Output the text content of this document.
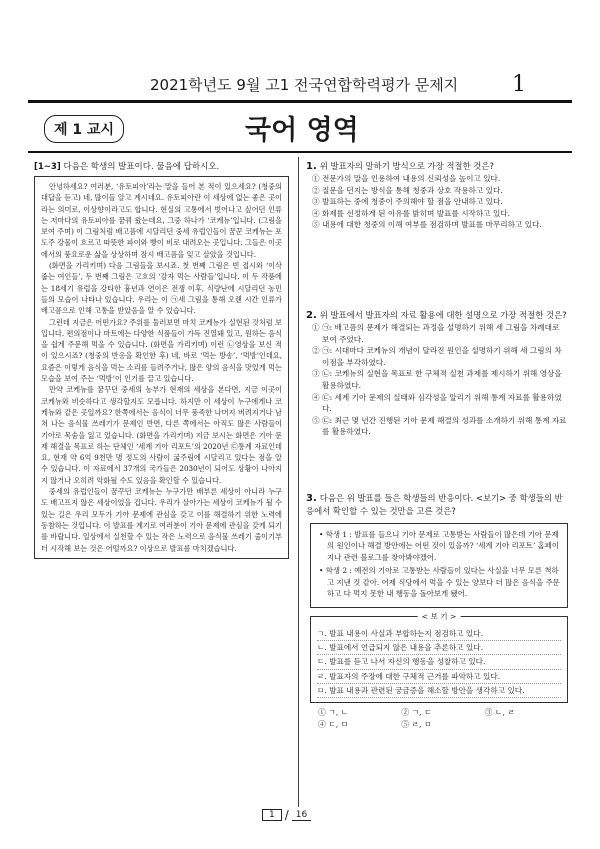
2021학년도 9월 고1 전국연합학력평가 문제지 1
제 1 교시	국어 영역
[1~3] 다음은 학생의 발표이다. 물음에 답하시오.

안녕하세요? 여러분, ‘유토피아’라는 말을 들어 본 적이 있으세요? (청중의 대답을 듣고) 네, 많이들 알고 계시네요. 유토피아란 이 세상에 없는 좋은 곳이라는 의미로, 이상향이라고도 합니다. 현실의 고통에서 벗어나고 싶어던 인류는 저마다의 유토피아를 꿈꿔 왔는데요, 그중 하나가 ‘코케뉴’입니다. (그림을 보여 주며) 이 그림처럼 배고픔에 시달리던 중세 유럽인들이 꿈꾼 코케뉴는 포도주 강물이 흐르고 따뜻한 파이와 빵이 비로 내려오는 곳입니다. 그들은 이곳에서의 풍요로운 삶을 상상하며 잠시 배고픔을 잊고 살았을 것입니다.

(화면을 가리키며) 다음 그림들을 보시죠. 첫 번째 그림은 빈 접시와 ‘이삭 줍는 여인들’, 두 번째 그림은 고흐의 ‘감자 먹는 사람들’입니다. 이 두 작품에는 18세기 유럽을 강타한 흉년과 연이은 전쟁 이후, 식량난에 시달리던 농민들의 모습이 나타나 있습니다. 우리는 이 ㉠세 그림을 통해 오랜 시간 인류가 배고픔으로 인해 고통을 받았음을 알 수 있습니다.

그런데 지금은 어떤가요? 주위를 둘러보면 마치 코케뉴가 실현된 것처럼 보입니다. 편의점이나 마트에는 다양한 식품들이 가득 진열돼 있고, 원하는 음식을 쉽게 주문해 먹을 수 있습니다. (화면을 가리키며) 이런 ㉡영상을 보신 적이 있으시죠? (청중의 반응을 확인한 후) 네, 바로 ‘먹는 방송’, ‘먹방’인데요, 요즘은 이렇게 음식을 먹는 소리를 들려주거나, 많은 양의 음식을 맛있게 먹는 모습을 보여 주는 ‘먹방’이 인기를 끌고 있습니다.

만약 코케뉴를 꿈꾸던 중세의 농부가 현재의 세상을 본다면, 지금 이곳이 코케뉴와 비슷하다고 생각할지도 모릅니다. 하지만 이 세상이 누구에게나 코케뉴와 같은 곳일까요? 한쪽에서는 음식이 너무 풍족한 나머지 버려지거나 남쳐 나는 음식물 쓰레기가 문제인 반면, 다른 쪽에서는 아직도 많은 사람들이 기아로 목숨을 잃고 있습니다. (화면을 가리키며) 지금 보시는 화면은 기아 문제 해결을 목표로 하는 단체인 ‘세계 기아 리포트’의 2020년 ㉢통계 자료인데요, 현재 약 6억 9천만 명 정도의 사람이 굶주림에 시달리고 있다는 점을 알 수 있습니다. 이 자료에서 37개의 국가들은 2030년이 되어도 상황이 나아지지 않거나 오히려 악화될 수도 있음을 확인할 수 있습니다.

중세의 유럽인들이 꿈꾸던 코케뉴는 누구가만 배부른 세상이 아니라 누구도 배고프지 않은 세상이었을 겁니다. 우리가 살아가는 세상이 코케뉴가 될 수 있는 길은 우리 모두가 기아 문제에 관심을 갖고 이를 해결하기 위한 노력에 동참하는 것입니다. 이 발표를 계기로 여러분이 기아 문제에 관심을 갖게 되기를 바랍니다. 일상에서 실천할 수 있는 작은 노력으로 음식물 쓰레기 줄이기부터 시작해 보는 것은 어떨까요? 이상으로 발표를 마치겠습니다.

1. 위 발표자의 말하기 방식으로 가장 적절한 것은?
① 전문가의 말을 인용하여 내용의 신뢰성을 높이고 있다.
② 질문을 던지는 방식을 통해 청중과 상호 작용하고 있다.
③ 발표하는 중에 청중이 주의해야 할 점을 안내하고 있다.
④ 화제를 선정하게 된 이유를 밝히며 발표를 시작하고 있다.
⑤ 내용에 대한 청중의 이해 여부를 점검하며 발표를 마무리하고 있다.
2. 위 발표에서 발표자의 자료 활용에 대한 설명으로 가장 적절한 것은?
① ㉠: 배고픔의 문제가 해결되는 과정을 설명하기 위해 세 그림을 차례대로 보여 주었다.
② ㉠: 시대마다 코케뉴의 개념이 달라진 원인을 설명하기 위해 세 그림의 차이점을 부각하였다.
③ ㉡: 코케뉴의 실현을 목표로 한 구체적 실천 과제를 제시하기 위해 영상을 활용하였다.
④ ㉢: 세계 기아 문제의 실태와 심각성을 알리기 위해 통계 자료를 활용하였다.
⑤ ㉢: 최근 몇 년간 진행된 기아 문제 해결의 성과를 소개하기 위해 통계 자료를 활용하였다.
3. 다음은 위 발표를 들은 학생들의 반응이다. <보기> 중 학생들의 반응에서 확인할 수 있는 것만을 고른 것은?

• 학생 1 : 발표를 들으니 기아 문제로 고통받는 사람들이 많은데 기아 문제의 원인이나 해결 방안에는 어떤 것이 있을까? ‘세계 기아 리포트’ 홈페이지나 관련 블로그를 찾아봐야겠어.

• 학생 2 : 예전의 기아로 고통받는 사람들이 있다는 사실을 너무 모른 척하고 지낸 것 같아. 어제 식당에서 먹을 수 있는 양보다 더 많은 음식을 주문하고 다 먹지 못한 내 행동을 돌아보게 됐어.

< 보 기 >
ㄱ. 발표 내용이 사실과 부합하는지 점검하고 있다.
ㄴ. 발표에서 언급되지 않은 내용을 추론하고 있다.
ㄷ. 발표를 듣고 나서 자신의 행동을 성찰하고 있다.
ㄹ. 발표자의 주장에 대한 구체적 근거를 파악하고 있다.
ㅁ. 발표 내용과 관련된 궁금증을 해소할 방안을 생각하고 있다.
① ㄱ, ㄴ	② ㄱ, ㄷ	③ ㄴ, ㄹ
④ ㄷ, ㅁ	⑤ ㄹ, ㅁ
1 / 16
